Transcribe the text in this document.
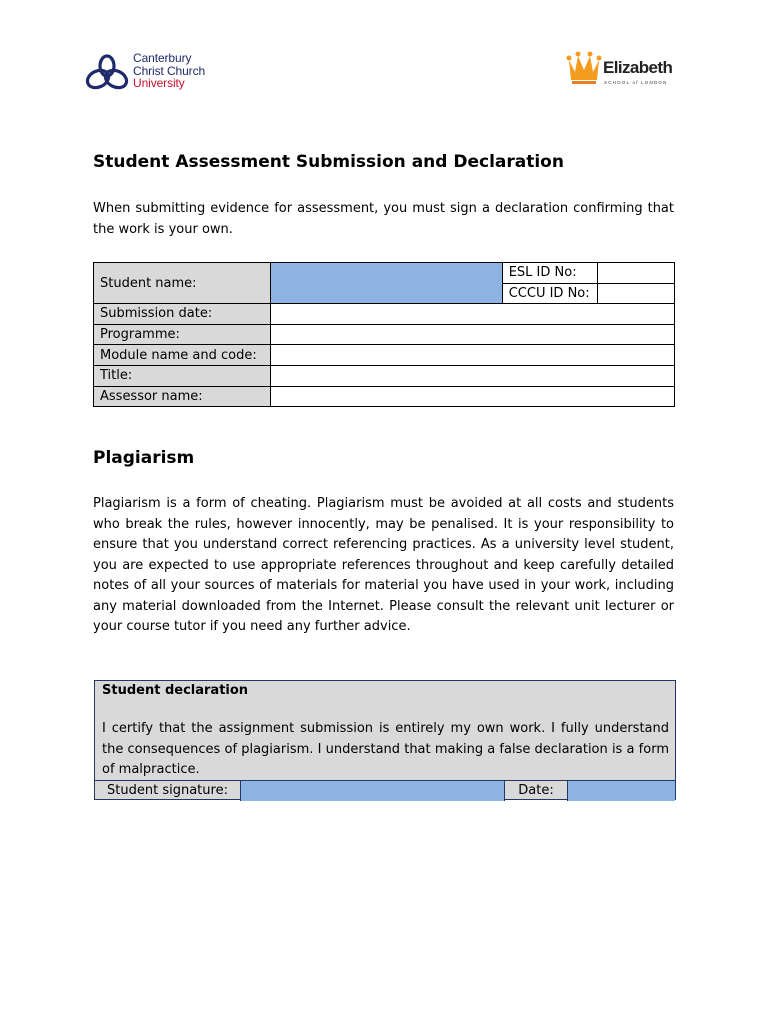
Canterbury
Christ Church
University
Elizabeth
SCHOOL of LONDON
Student Assessment Submission and Declaration

When submitting evidence for assessment, you must sign a declaration confirming that the work is your own.

Student name:		ESL ID No:	
		CCCU ID No:	
Submission date:			
Programme:			
Module name and code:			
Title:			
Assessor name:			
Plagiarism

Plagiarism is a form of cheating. Plagiarism must be avoided at all costs and students who break the rules, however innocently, may be penalised. It is your responsibility to ensure that you understand correct referencing practices. As a university level student, you are expected to use appropriate references throughout and keep carefully detailed notes of all your sources of materials for material you have used in your work, including any material downloaded from the Internet. Please consult the relevant unit lecturer or your course tutor if you need any further advice.

Student declaration

I certify that the assignment submission is entirely my own work. I fully understand the consequences of plagiarism. I understand that making a false declaration is a form of malpractice.

Student signature:	Date:
